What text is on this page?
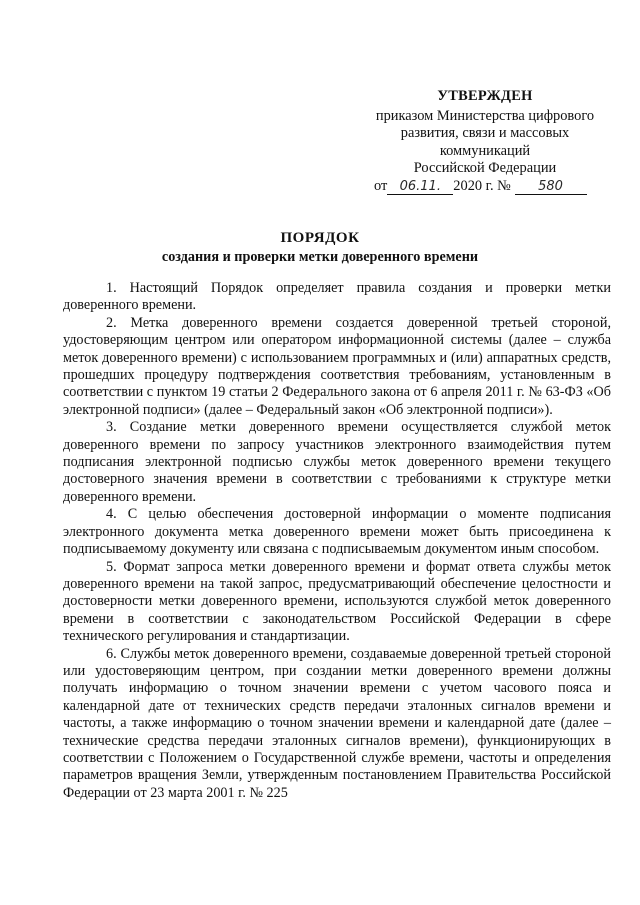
УТВЕРЖДЕН
приказом Министерства цифрового
развития, связи и массовых
коммуникаций
Российской Федерации
от 06.11. 2020 г. № 580
ПОРЯДОК
создания и проверки метки доверенного времени

1. Настоящий Порядок определяет правила создания и проверки метки доверенного времени.

2. Метка доверенного времени создается доверенной третьей стороной, удостоверяющим центром или оператором информационной системы (далее – служба меток доверенного времени) с использованием программных и (или) аппаратных средств, прошедших процедуру подтверждения соответствия требованиям, установленным в соответствии с пунктом 19 статьи 2 Федерального закона от 6 апреля 2011 г. № 63-ФЗ «Об электронной подписи» (далее – Федеральный закон «Об электронной подписи»).

3. Создание метки доверенного времени осуществляется службой меток доверенного времени по запросу участников электронного взаимодействия путем подписания электронной подписью службы меток доверенного времени текущего достоверного значения времени в соответствии с требованиями к структуре метки доверенного времени.

4. С целью обеспечения достоверной информации о моменте подписания электронного документа метка доверенного времени может быть присоединена к подписываемому документу или связана с подписываемым документом иным способом.

5. Формат запроса метки доверенного времени и формат ответа службы меток доверенного времени на такой запрос, предусматривающий обеспечение целостности и достоверности метки доверенного времени, используются службой меток доверенного времени в соответствии с законодательством Российской Федерации в сфере технического регулирования и стандартизации.

6. Службы меток доверенного времени, создаваемые доверенной третьей стороной или удостоверяющим центром, при создании метки доверенного времени должны получать информацию о точном значении времени с учетом часового пояса и календарной дате от технических средств передачи эталонных сигналов времени и частоты, а также информацию о точном значении времени и календарной дате (далее – технические средства передачи эталонных сигналов времени), функционирующих в соответствии с Положением о Государственной службе времени, частоты и определения параметров вращения Земли, утвержденным постановлением Правительства Российской Федерации от 23 марта 2001 г. № 225
